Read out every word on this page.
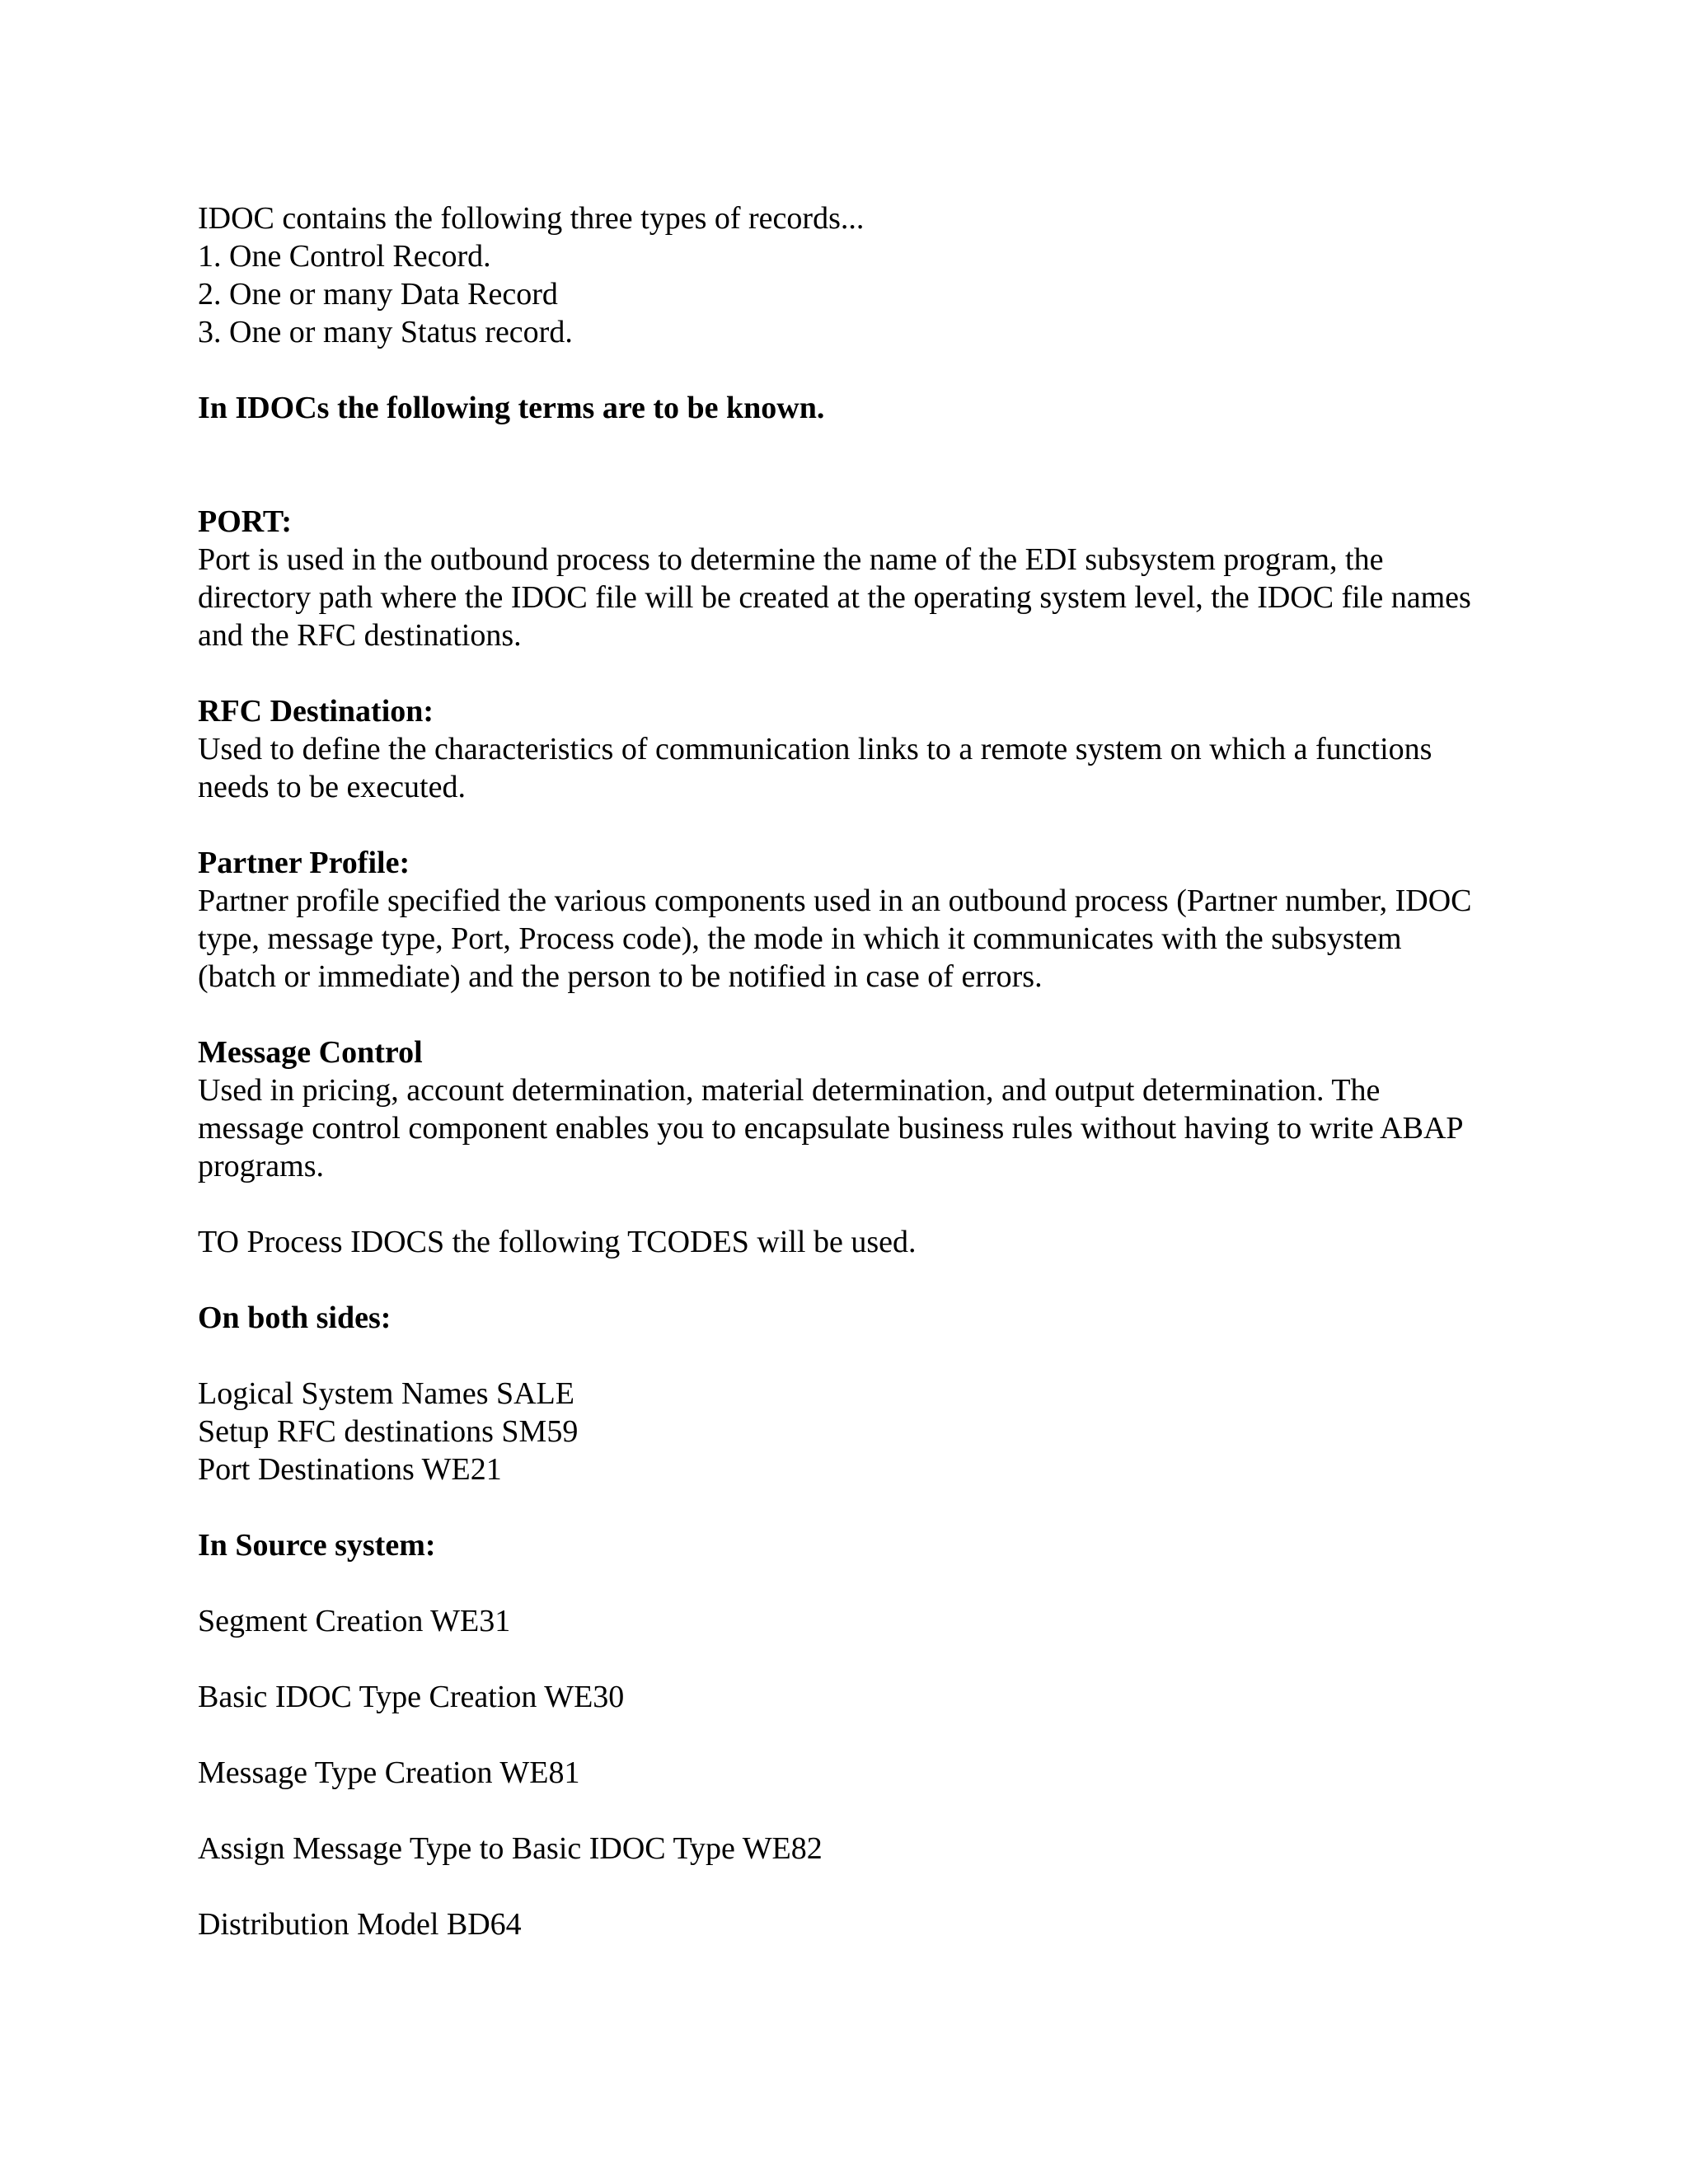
IDOC contains the following three types of records...
1. One Control Record.
2. One or many Data Record
3. One or many Status record.
In IDOCs the following terms are to be known.
PORT:

Port is used in the outbound process to determine the name of the EDI subsystem program, the directory path where the IDOC file will be created at the operating system level, the IDOC file names and the RFC destinations.

RFC Destination:

Used to define the characteristics of communication links to a remote system on which a functions needs to be executed.

Partner Profile:

Partner profile specified the various components used in an outbound process (Partner number, IDOC type, message type, Port, Process code), the mode in which it communicates with the subsystem (batch or immediate) and the person to be notified in case of errors.

Message Control

Used in pricing, account determination, material determination, and output determination. The message control component enables you to encapsulate business rules without having to write ABAP programs.

TO Process IDOCS the following TCODES will be used.
On both sides:
Logical System Names SALE
Setup RFC destinations SM59
Port Destinations WE21
In Source system:
Segment Creation WE31
Basic IDOC Type Creation WE30
Message Type Creation WE81
Assign Message Type to Basic IDOC Type WE82
Distribution Model BD64
